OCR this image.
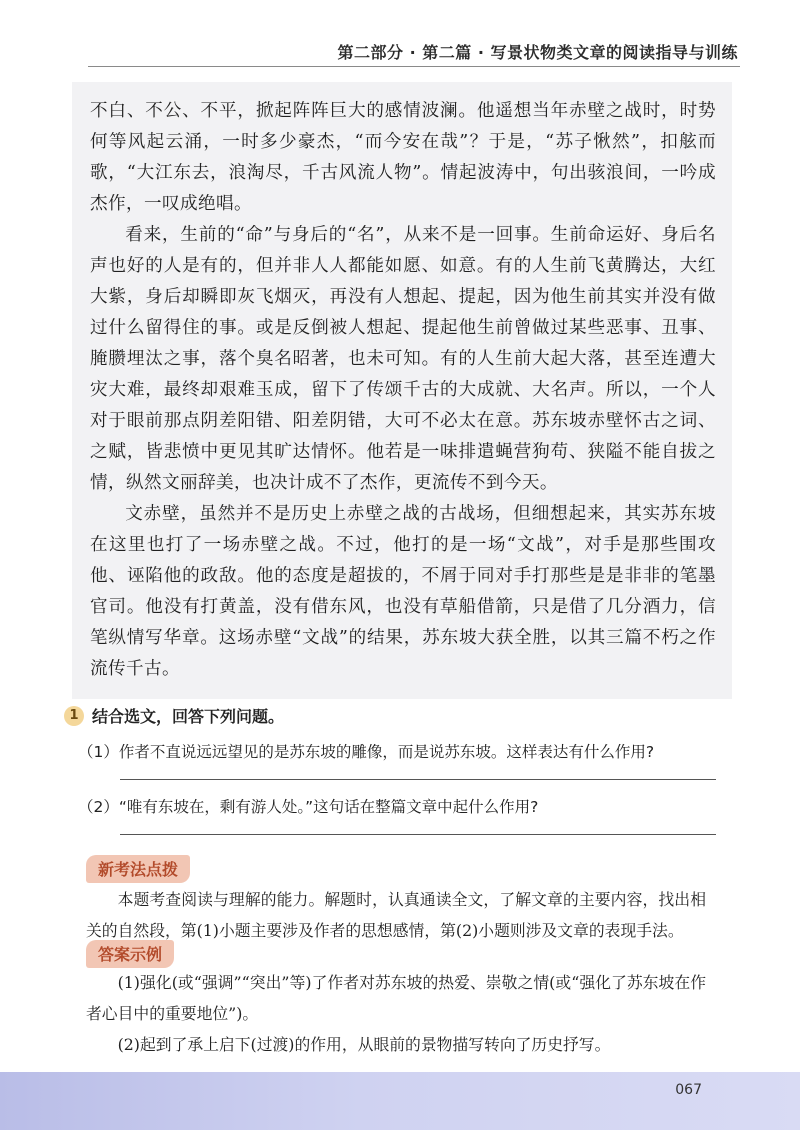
第二部分 · 第二篇 · 写景状物类文章的阅读指导与训练

不白、不公、不平，掀起阵阵巨大的感情波澜。他遥想当年赤壁之战时，时势何等风起云涌，一时多少豪杰，“而今安在哉”？于是，“苏子愀然”，扣舷而歌，“大江东去，浪淘尽，千古风流人物”。情起波涛中，句出骇浪间，一吟成杰作，一叹成绝唱。

看来，生前的“命”与身后的“名”，从来不是一回事。生前命运好、身后名声也好的人是有的，但并非人人都能如愿、如意。有的人生前飞黄腾达，大红大紫，身后却瞬即灰飞烟灭，再没有人想起、提起，因为他生前其实并没有做过什么留得住的事。或是反倒被人想起、提起他生前曾做过某些恶事、丑事、腌臜埋汰之事，落个臭名昭著，也未可知。有的人生前大起大落，甚至连遭大灾大难，最终却艰难玉成，留下了传颂千古的大成就、大名声。所以，一个人对于眼前那点阴差阳错、阳差阴错，大可不必太在意。苏东坡赤壁怀古之词、之赋，皆悲愤中更见其旷达情怀。他若是一味排遣蝇营狗苟、狭隘不能自拔之情，纵然文丽辞美，也决计成不了杰作，更流传不到今天。

文赤壁，虽然并不是历史上赤壁之战的古战场，但细想起来，其实苏东坡在这里也打了一场赤壁之战。不过，他打的是一场“文战”，对手是那些围攻他、诬陷他的政敌。他的态度是超拔的，不屑于同对手打那些是是非非的笔墨官司。他没有打黄盖，没有借东风，也没有草船借箭，只是借了几分酒力，信笔纵情写华章。这场赤壁“文战”的结果，苏东坡大获全胜，以其三篇不朽之作流传千古。

1 结合选文，回答下列问题。
（1）作者不直说远远望见的是苏东坡的雕像，而是说苏东坡。这样表达有什么作用?
（2）“唯有东坡在，剩有游人处。”这句话在整篇文章中起什么作用?
新考法点拨
本题考查阅读与理解的能力。解题时，认真通读全文，了解文章的主要内容，找出相关的自然段，第(1)小题主要涉及作者的思想感情，第(2)小题则涉及文章的表现手法。
答案示例

(1)强化(或“强调”“突出”等)了作者对苏东坡的热爱、崇敬之情(或“强化了苏东坡在作者心目中的重要地位”)。

(2)起到了承上启下(过渡)的作用，从眼前的景物描写转向了历史抒写。

067
